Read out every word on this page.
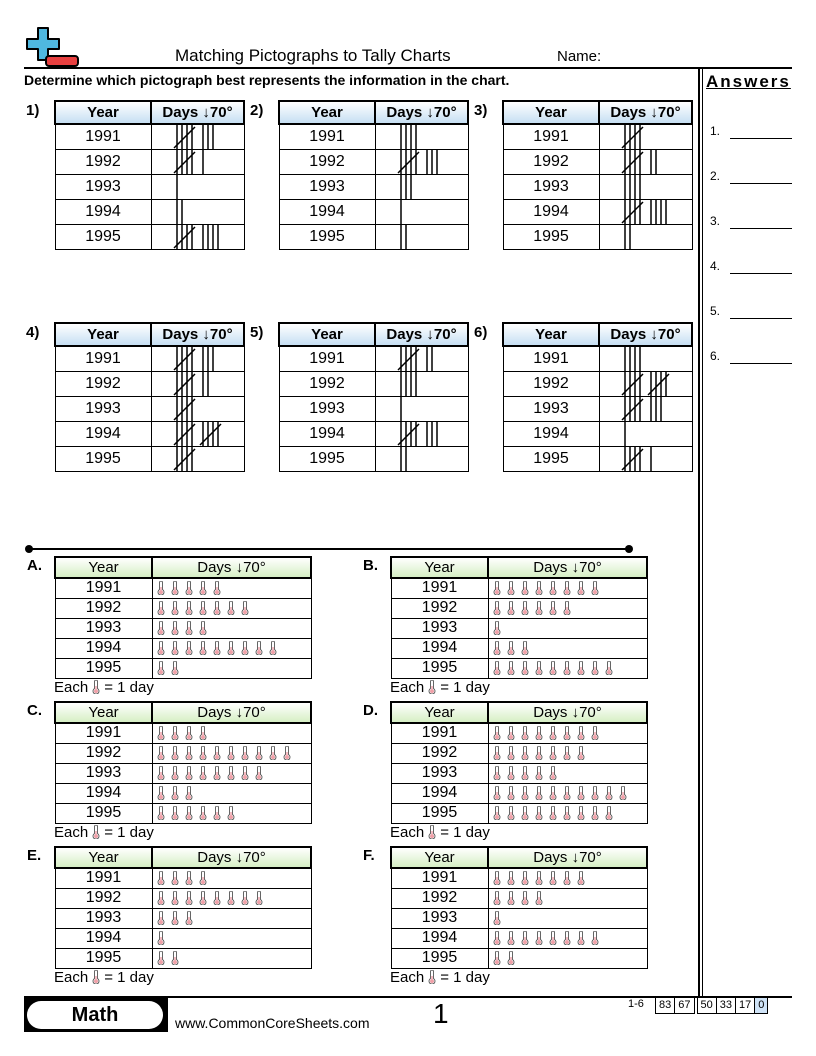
Matching Pictographs to Tally Charts	Name:
Determine which pictograph best represents the information in the chart.	Answers
1.
2.
3.
4.
5.
6.
1)	Year	Days ↓70°
1991	

1992	

1993	

1994	

1995	
2)	Year	Days ↓70°
1991	

1992	

1993	

1994	

1995	
3)	Year	Days ↓70°
1991	

1992	

1993	

1994	

1995	
4)	Year	Days ↓70°
1991	

1992	

1993	

1994	

1995	
5)	Year	Days ↓70°
1991	

1992	

1993	

1994	

1995	
6)	Year	Days ↓70°
1991	

1992	

1993	

1994	

1995	
A.	Year	Days ↓70°
1991	
1992	
1993	
1994	
1995	
Each = 1 day
B.	Year	Days ↓70°
1991	
1992	
1993	
1994	
1995	
Each = 1 day
C.	Year	Days ↓70°
1991	
1992	
1993	
1994	
1995	
Each = 1 day
D.	Year	Days ↓70°
1991	
1992	
1993	
1994	
1995	
Each = 1 day
E.	Year	Days ↓70°
1991	
1992	
1993	
1994	
1995	
Each = 1 day
F.	Year	Days ↓70°
1991	
1992	
1993	
1994	
1995	
Each = 1 day
Math	www.CommonCoreSheets.com 1	1-6	83 67 50 33 17 0
